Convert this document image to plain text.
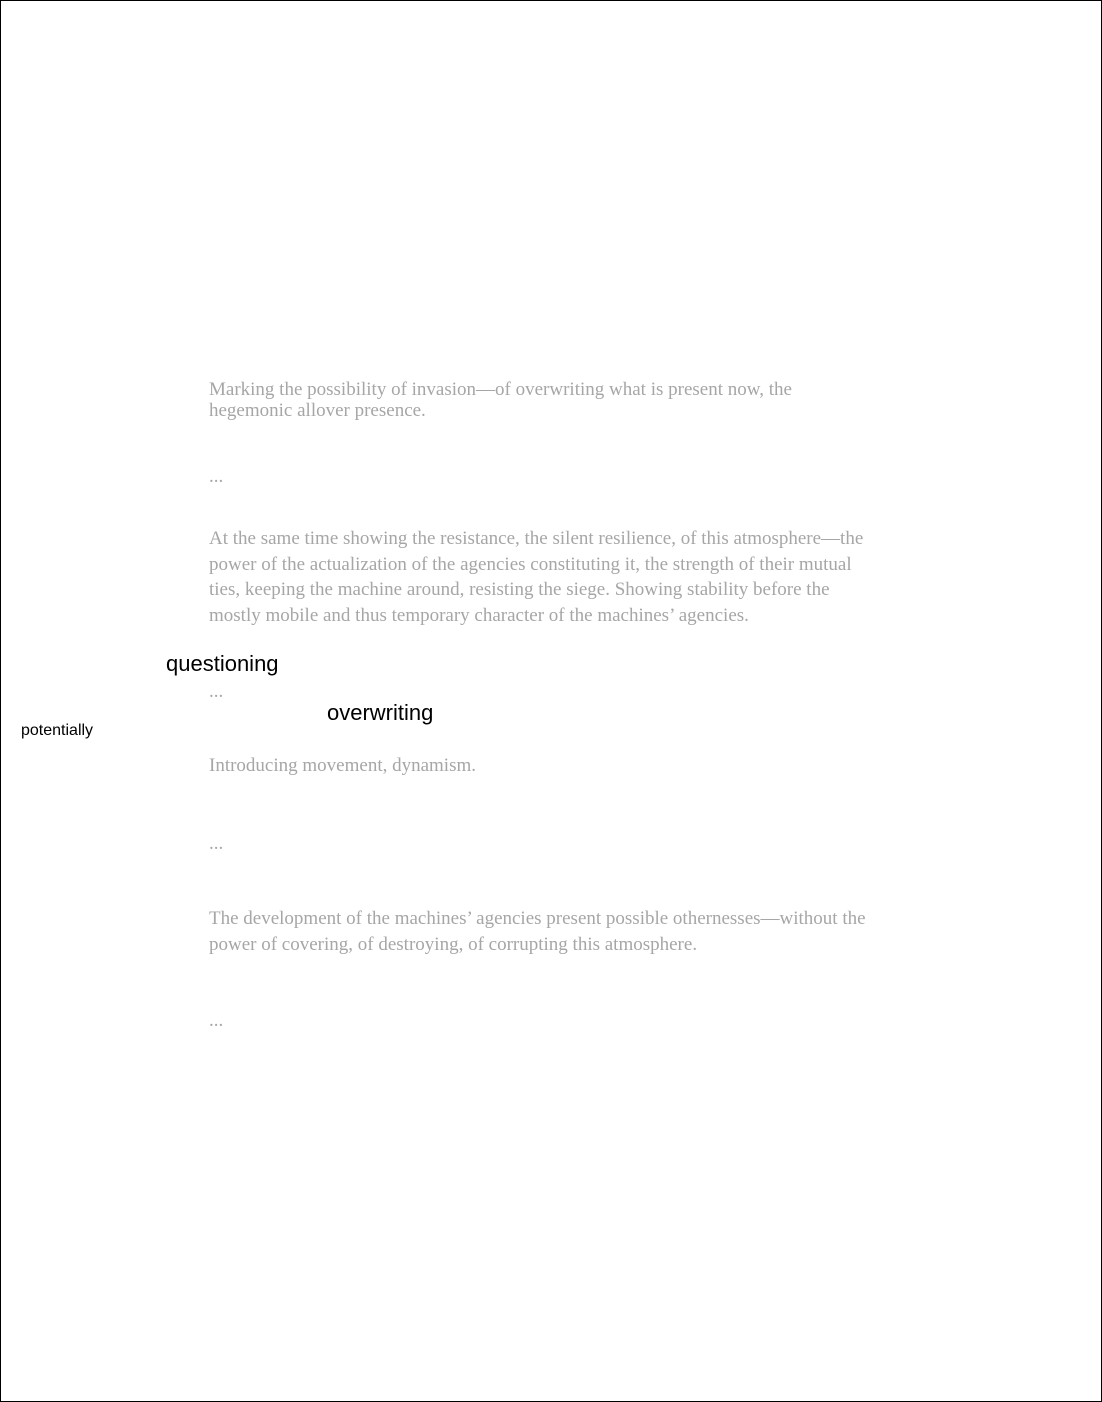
Marking the possibility of invasion—of overwriting what is present now, the hegemonic allover presence.

...

At the same time showing the resistance, the silent resilience, of this atmosphere—the power of the actualization of the agencies constituting it, the strength of their mutual ties, keeping the machine around, resisting the siege. Showing stability before the mostly mobile and thus temporary character of the machines’ agencies.

...

Introducing movement, dynamism.

...

The development of the machines’ agencies present possible othernesses—without the power of covering, of destroying, of corrupting this atmosphere.

...

questioning
overwriting
potentially
